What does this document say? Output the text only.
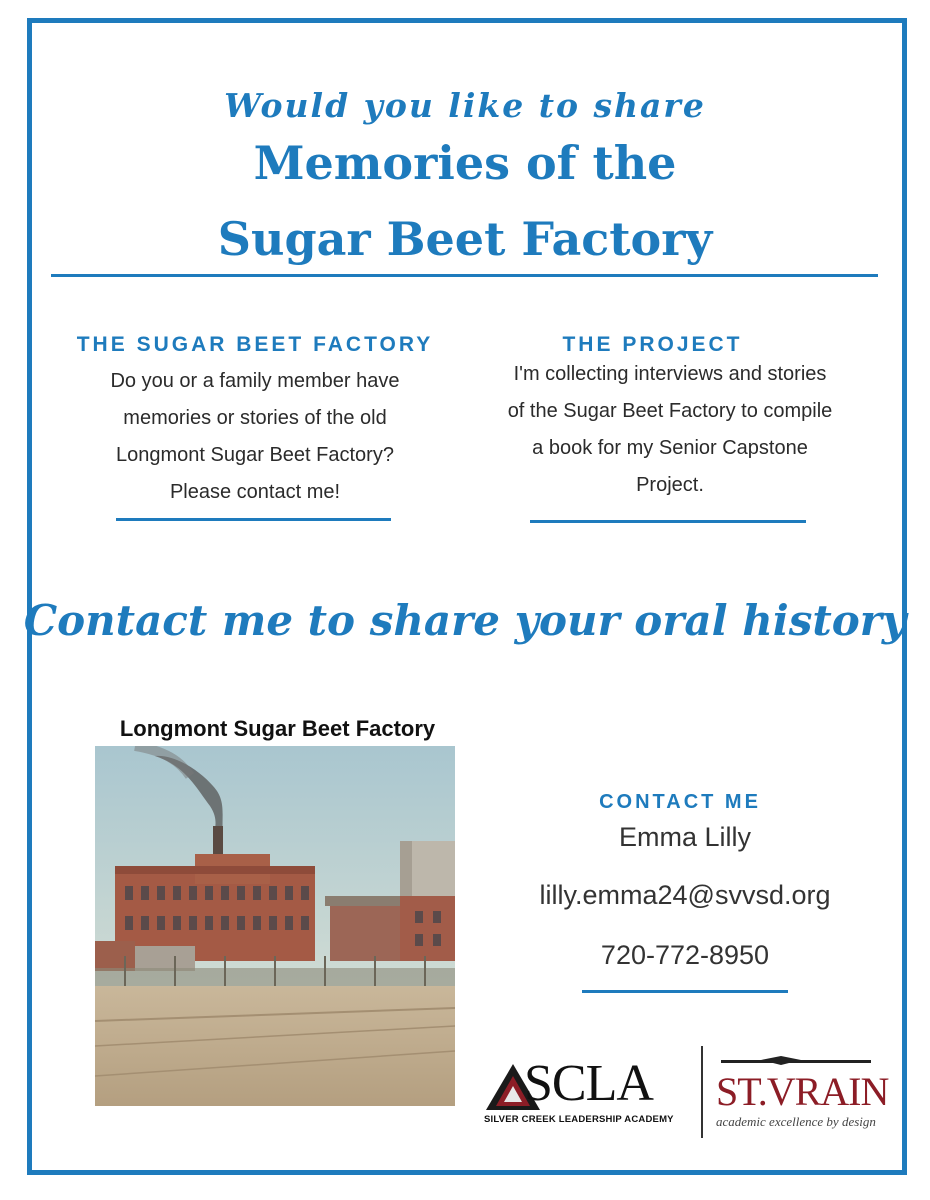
Would you like to share
Memories of the
Sugar Beet Factory
THE SUGAR BEET FACTORY
Do you or a family member have
memories or stories of the old
Longmont Sugar Beet Factory?
Please contact me!
THE PROJECT
I'm collecting interviews and stories
of the Sugar Beet Factory to compile
a book for my Senior Capstone
Project.
Contact me to share your oral history
Longmont Sugar Beet Factory
CONTACT ME
Emma Lilly
lilly.emma24@svvsd.org
720-772-8950
SCLA
SILVER CREEK LEADERSHIP ACADEMY
ST.VRAIN
academic excellence by design
